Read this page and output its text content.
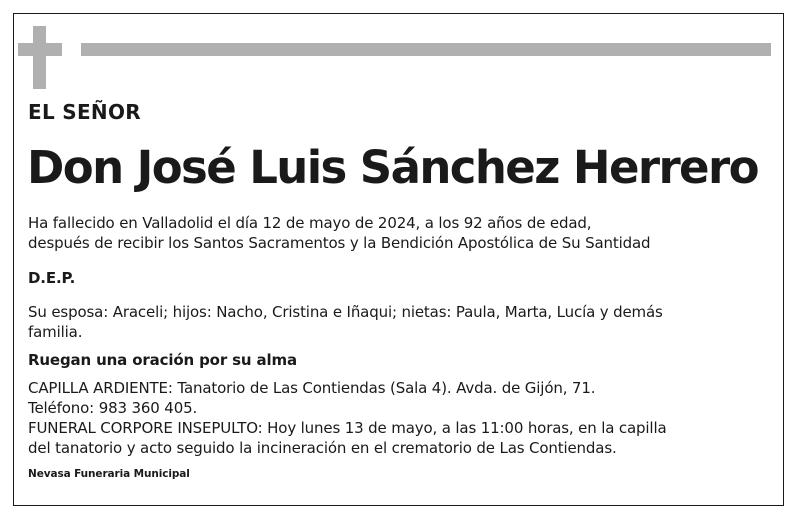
EL SEÑOR
Don José Luis Sánchez Herrero
Ha fallecido en Valladolid el día 12 de mayo de 2024, a los 92 años de edad,
después de recibir los Santos Sacramentos y la Bendición Apostólica de Su Santidad
D.E.P.
Su esposa: Araceli; hijos: Nacho, Cristina e Iñaqui; nietas: Paula, Marta, Lucía y demás
familia.
Ruegan una oración por su alma
CAPILLA ARDIENTE: Tanatorio de Las Contiendas (Sala 4). Avda. de Gijón, 71.
Teléfono: 983 360 405.
FUNERAL CORPORE INSEPULTO: Hoy lunes 13 de mayo, a las 11:00 horas, en la capilla
del tanatorio y acto seguido la incineración en el crematorio de Las Contiendas.
Nevasa Funeraria Municipal
